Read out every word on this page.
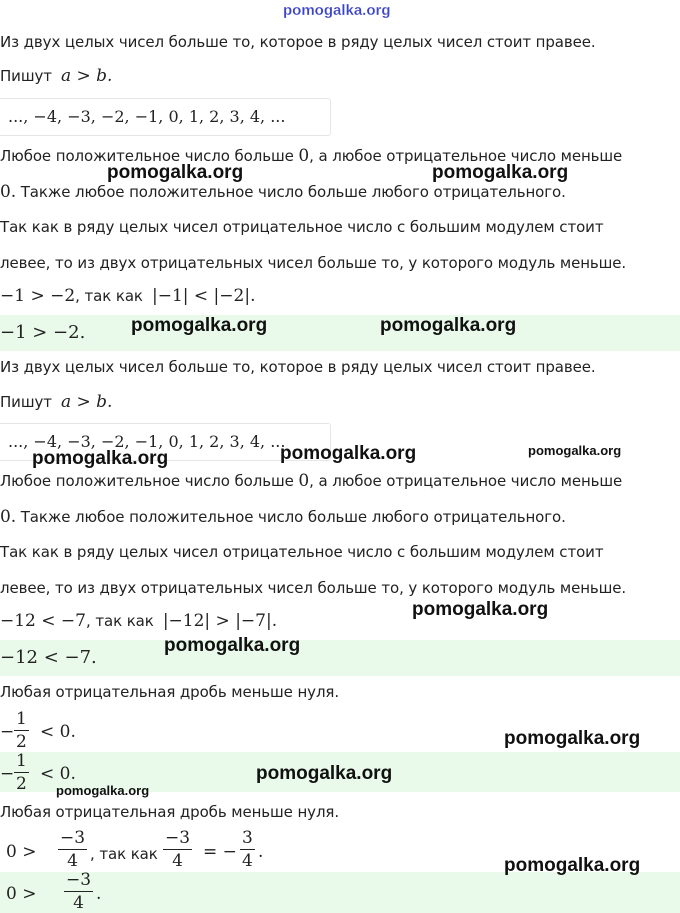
pomogalka.org
Из двух целых чисел больше то, которое в ряду целых чисел стоит правее.
Пишут a > b.
..., −4, −3, −2, −1, 0, 1, 2, 3, 4, ...
Любое положительное число больше 0, а любое отрицательное число меньше
0. Также любое положительное число больше любого отрицательного.
Так как в ряду целых чисел отрицательное число с большим модулем стоит
левее, то из двух отрицательных чисел больше то, у которого модуль меньше.
−1 > −2, так как |−1| < |−2|.
−1 > −2.
Из двух целых чисел больше то, которое в ряду целых чисел стоит правее.
Пишут a > b.
..., −4, −3, −2, −1, 0, 1, 2, 3, 4, ...
Любое положительное число больше 0, а любое отрицательное число меньше
0. Также любое положительное число больше любого отрицательного.
Так как в ряду целых чисел отрицательное число с большим модулем стоит
левее, то из двух отрицательных чисел больше то, у которого модуль меньше.
−12 < −7, так как |−12| > |−7|.
−12 < −7.
Любая отрицательная дробь меньше нуля.
−
1
2 < 0.
−
1
2 < 0.
Любая отрицательная дробь меньше нуля.
0 >
−3
4 , так как
−3
4	= −
3
4 .
0 >
−3
4 .
pomogalka.org	pomogalka.org
pomogalka.org	pomogalka.org
pomogalka.org	pomogalka.org	pomogalka.org
pomogalka.org
pomogalka.org
pomogalka.org
pomogalka.org
pomogalka.org
pomogalka.org
